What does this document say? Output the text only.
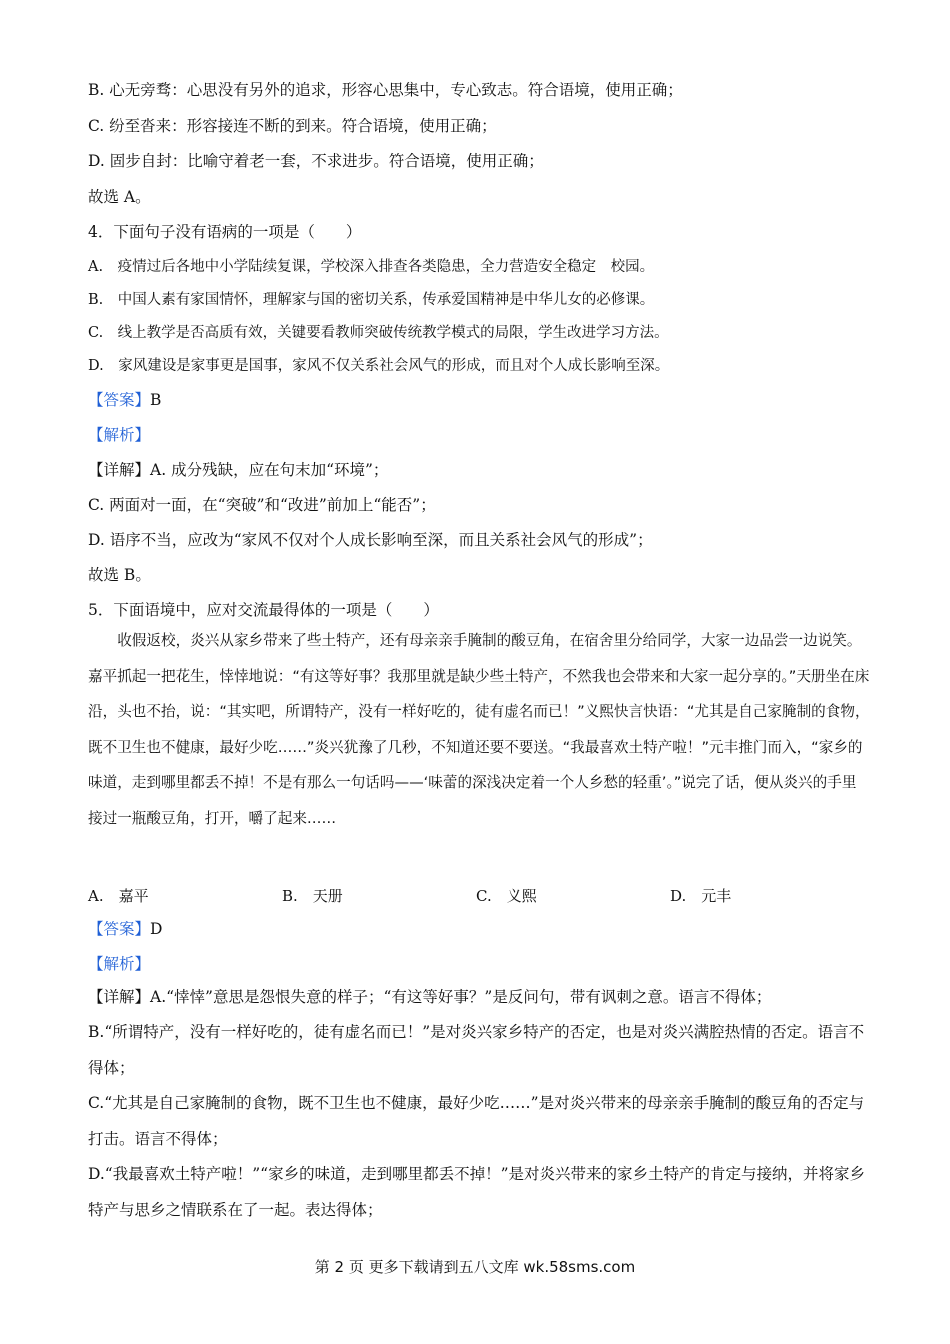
B. 心无旁骛：心思没有另外的追求，形容心思集中，专心致志。符合语境，使用正确；
C. 纷至沓来：形容接连不断的到来。符合语境，使用正确；
D. 固步自封：比喻守着老一套，不求进步。符合语境，使用正确；
故选 A。
4．下面句子没有语病的一项是（　　）
A.　疫情过后各地中小学陆续复课，学校深入排查各类隐患，全力营造安全稳定　校园。
B.　中国人素有家国情怀，理解家与国的密切关系，传承爱国精神是中华儿女的必修课。
C.　线上教学是否高质有效，关键要看教师突破传统教学模式的局限，学生改进学习方法。
D.　家风建设是家事更是国事，家风不仅关系社会风气的形成，而且对个人成长影响至深。
【答案】B
【解析】
【详解】A. 成分残缺，应在句末加“环境”；
C. 两面对一面，在“突破”和“改进”前加上“能否”；
D. 语序不当，应改为“家风不仅对个人成长影响至深，而且关系社会风气的形成”；
故选 B。
5．下面语境中，应对交流最得体的一项是（　　）
收假返校，炎兴从家乡带来了些土特产，还有母亲亲手腌制的酸豆角，在宿舍里分给同学，大家一边品尝一边说笑。嘉平抓起一把花生，悻悻地说：“有这等好事？我那里就是缺少些土特产，不然我也会带来和大家一起分享的。”天册坐在床沿，头也不抬，说：“其实吧，所谓特产，没有一样好吃的，徒有虚名而已！”义熙快言快语：“尤其是自己家腌制的食物，既不卫生也不健康，最好少吃……”炎兴犹豫了几秒，不知道还要不要送。“我最喜欢土特产啦！”元丰推门而入，“家乡的味道，走到哪里都丢不掉！不是有那么一句话吗——‘味蕾的深浅决定着一个人乡愁的轻重’。”说完了话，便从炎兴的手里接过一瓶酸豆角，打开，嚼了起来……
A.　嘉平	B.　天册	C.　义熙	D.　元丰
【答案】D
【解析】
【详解】A.“悻悻”意思是怨恨失意的样子；“有这等好事？”是反问句，带有讽刺之意。语言不得体；
B.“所谓特产，没有一样好吃的，徒有虚名而已！”是对炎兴家乡特产的否定，也是对炎兴满腔热情的否定。语言不得体；
C.“尤其是自己家腌制的食物，既不卫生也不健康，最好少吃……”是对炎兴带来的母亲亲手腌制的酸豆角的否定与打击。语言不得体；
D.“我最喜欢土特产啦！”“家乡的味道，走到哪里都丢不掉！”是对炎兴带来的家乡土特产的肯定与接纳，并将家乡特产与思乡之情联系在了一起。表达得体；
第 2 页 更多下载请到五八文库 wk.58sms.com
